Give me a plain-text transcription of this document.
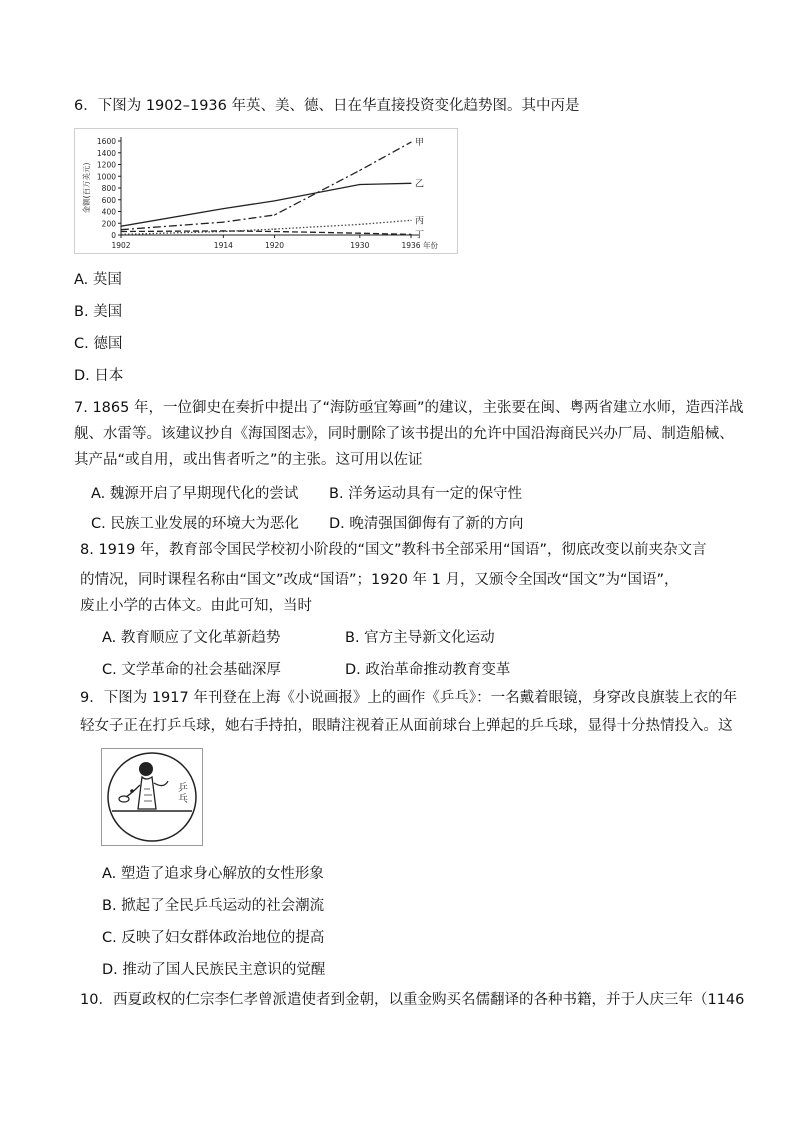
6．下图为 1902–1936 年英、美、德、日在华直接投资变化趋势图。其中丙是
0
200
400
600
800
1000
1200
1400
1600
金额(百万美元)
1902	1914	1920	1930	1936 年份
甲
乙
丙
丁
A. 英国
B. 美国
C. 德国
D. 日本
7. 1865 年，一位御史在奏折中提出了“海防亟宜筹画”的建议，主张要在闽、粤两省建立水师，造西洋战
舰、水雷等。该建议抄自《海国图志》，同时删除了该书提出的允许中国沿海商民兴办厂局、制造船械、
其产品“或自用，或出售者听之”的主张。这可用以佐证
A. 魏源开启了早期现代化的尝试 B. 洋务运动具有一定的保守性
C. 民族工业发展的环境大为恶化 D. 晚清强国御侮有了新的方向
8. 1919 年，教育部令国民学校初小阶段的“国文”教科书全部采用“国语”，彻底改变以前夹杂文言
的情况，同时课程名称由“国文”改成“国语”；1920 年 1 月，又颁令全国改“国文”为“国语”，
废止小学的古体文。由此可知，当时
A. 教育顺应了文化革新趋势	B. 官方主导新文化运动
C. 文学革命的社会基础深厚	D. 政治革命推动教育变革
9．下图为 1917 年刊登在上海《小说画报》上的画作《乒乓》：一名戴着眼镜，身穿改良旗装上衣的年
轻女子正在打乒乓球，她右手持拍，眼睛注视着正从面前球台上弹起的乒乓球，显得十分热情投入。这
乒乓
A. 塑造了追求身心解放的女性形象
B. 掀起了全民乒乓运动的社会潮流
C. 反映了妇女群体政治地位的提高
D. 推动了国人民族民主意识的觉醒
10．西夏政权的仁宗李仁孝曾派遣使者到金朝，以重金购买名儒翻译的各种书籍，并于人庆三年（1146
